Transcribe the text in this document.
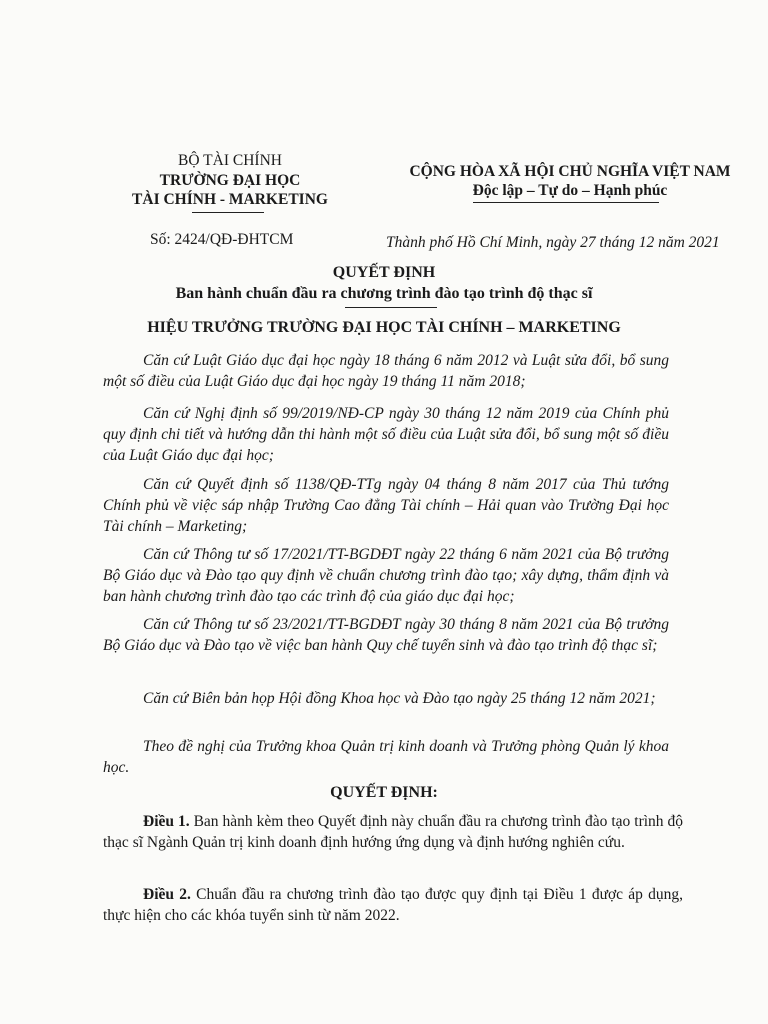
BỘ TÀI CHÍNH
TRƯỜNG ĐẠI HỌC
TÀI CHÍNH - MARKETING
Số: 2424/QĐ-ĐHTCM
CỘNG HÒA XÃ HỘI CHỦ NGHĨA VIỆT NAM
Độc lập – Tự do – Hạnh phúc
Thành phố Hồ Chí Minh, ngày 27 tháng 12 năm 2021
QUYẾT ĐỊNH
Ban hành chuẩn đầu ra chương trình đào tạo trình độ thạc sĩ
HIỆU TRƯỞNG TRƯỜNG ĐẠI HỌC TÀI CHÍNH – MARKETING
Căn cứ Luật Giáo dục đại học ngày 18 tháng 6 năm 2012 và Luật sửa đổi, bổ sung một số điều của Luật Giáo dục đại học ngày 19 tháng 11 năm 2018;
Căn cứ Nghị định số 99/2019/NĐ-CP ngày 30 tháng 12 năm 2019 của Chính phủ quy định chi tiết và hướng dẫn thi hành một số điều của Luật sửa đổi, bổ sung một số điều của Luật Giáo dục đại học;
Căn cứ Quyết định số 1138/QĐ-TTg ngày 04 tháng 8 năm 2017 của Thủ tướng Chính phủ về việc sáp nhập Trường Cao đẳng Tài chính – Hải quan vào Trường Đại học Tài chính – Marketing;
Căn cứ Thông tư số 17/2021/TT-BGDĐT ngày 22 tháng 6 năm 2021 của Bộ trưởng Bộ Giáo dục và Đào tạo quy định về chuẩn chương trình đào tạo; xây dựng, thẩm định và ban hành chương trình đào tạo các trình độ của giáo dục đại học;
Căn cứ Thông tư số 23/2021/TT-BGDĐT ngày 30 tháng 8 năm 2021 của Bộ trưởng Bộ Giáo dục và Đào tạo về việc ban hành Quy chế tuyển sinh và đào tạo trình độ thạc sĩ;
Căn cứ Biên bản họp Hội đồng Khoa học và Đào tạo ngày 25 tháng 12 năm 2021;
Theo đề nghị của Trưởng khoa Quản trị kinh doanh và Trưởng phòng Quản lý khoa học.
QUYẾT ĐỊNH:
Điều 1. Ban hành kèm theo Quyết định này chuẩn đầu ra chương trình đào tạo trình độ thạc sĩ Ngành Quản trị kinh doanh định hướng ứng dụng và định hướng nghiên cứu.
Điều 2. Chuẩn đầu ra chương trình đào tạo được quy định tại Điều 1 được áp dụng, thực hiện cho các khóa tuyển sinh từ năm 2022.
